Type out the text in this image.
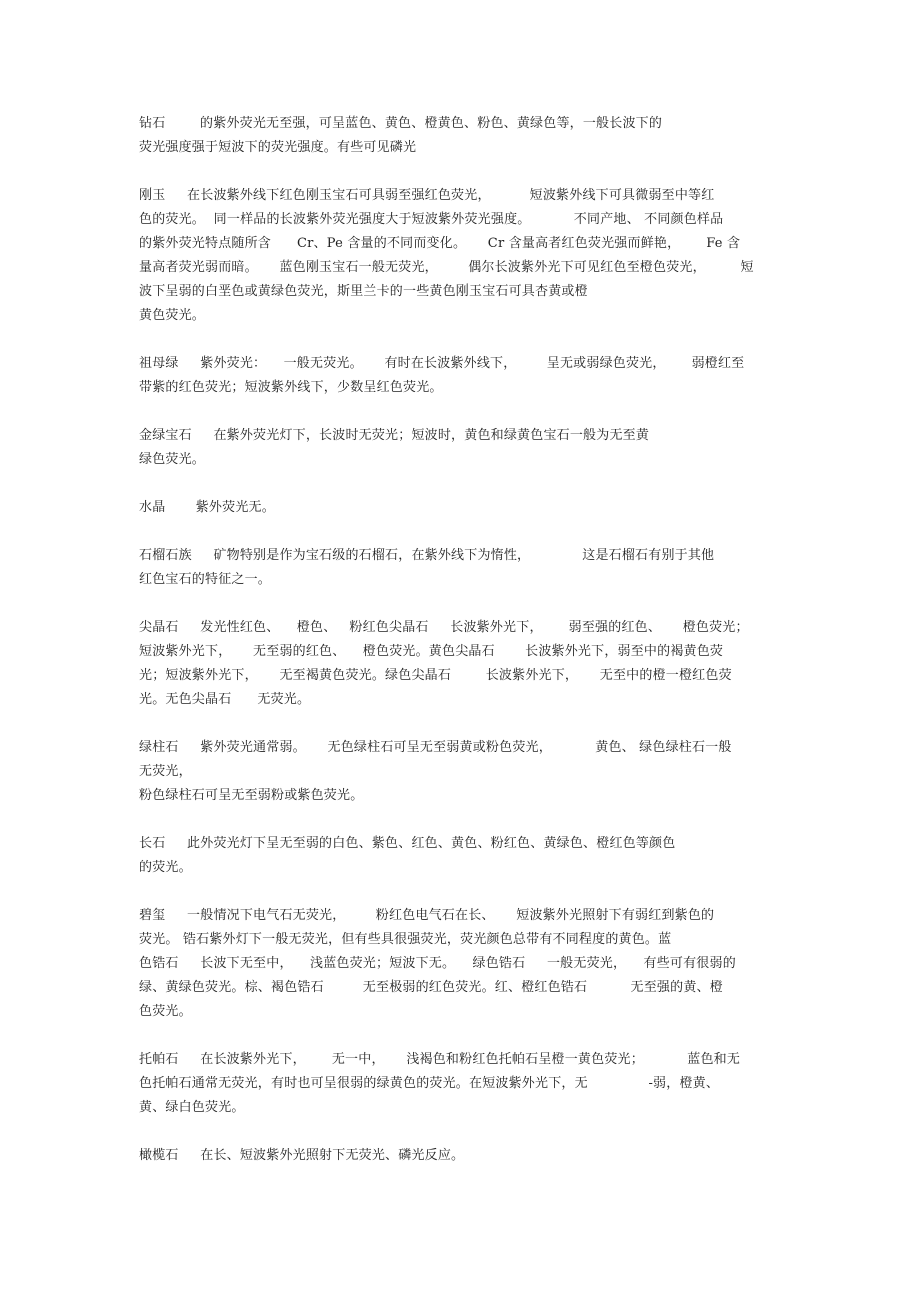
钻石        的紫外荧光无至强，可呈蓝色、黄色、橙黄色、粉色、黄绿色等，一般长波下的
荧光强度强于短波下的荧光强度。有些可见磷光
刚玉     在长波紫外线下红色刚玉宝石可具弱至强红色荧光，         短波紫外线下可具微弱至中等红
色的荧光。  同一样品的长波紫外荧光强度大于短波紫外荧光强度。          不同产地、 不同颜色样品
的紫外荧光特点随所含      Cr、Pe 含量的不同而变化。     Cr 含量高者红色荧光强而鲜艳，      Fe 含
量高者荧光弱而暗。     蓝色刚玉宝石一般无荧光，       偶尔长波紫外光下可见红色至橙色荧光，        短
波下呈弱的白垩色或黄绿色荧光，斯里兰卡的一些黄色刚玉宝石可具杏黄或橙
黄色荧光。
祖母绿     紫外荧光：    一般无荧光。     有时在长波紫外线下，       呈无或弱绿色荧光，      弱橙红至
带紫的红色荧光；短波紫外线下，少数呈红色荧光。
金绿宝石     在紫外荧光灯下，长波时无荧光；短波时，黄色和绿黄色宝石一般为无至黄
绿色荧光。
水晶       紫外荧光无。
石榴石族     矿物特别是作为宝石级的石榴石，在紫外线下为惰性，            这是石榴石有别于其他
红色宝石的特征之一。
尖晶石     发光性红色、    橙色、   粉红色尖晶石     长波紫外光下，      弱至强的红色、     橙色荧光；
短波紫外光下，     无至弱的红色、    橙色荧光。黄色尖晶石       长波紫外光下，弱至中的褐黄色荧
光；短波紫外光下，     无至褐黄色荧光。绿色尖晶石        长波紫外光下，     无至中的橙一橙红色荧
光。无色尖晶石      无荧光。
绿柱石     紫外荧光通常弱。     无色绿柱石可呈无至弱黄或粉色荧光，          黄色、 绿色绿柱石一般
无荧光，
粉色绿柱石可呈无至弱粉或紫色荧光。
长石     此外荧光灯下呈无至弱的白色、紫色、红色、黄色、粉红色、黄绿色、橙红色等颜色
的荧光。
碧玺     一般情况下电气石无荧光，       粉红色电气石在长、     短波紫外光照射下有弱红到紫色的
荧光。 锆石紫外灯下一般无荧光，但有些具很强荧光，荧光颜色总带有不同程度的黄色。蓝
色锆石     长波下无至中，    浅蓝色荧光；短波下无。    绿色锆石     一般无荧光，    有些可有很弱的
绿、黄绿色荧光。棕、褐色锆石         无至极弱的红色荧光。红、橙红色锆石          无至强的黄、橙
色荧光。
托帕石     在长波紫外光下，      无一中，     浅褐色和粉红色托帕石呈橙一黄色荧光；          蓝色和无
色托帕石通常无荧光，有时也可呈很弱的绿黄色的荧光。在短波紫外光下，无              -弱，橙黄、
黄、绿白色荧光。
橄榄石     在长、短波紫外光照射下无荧光、磷光反应。
